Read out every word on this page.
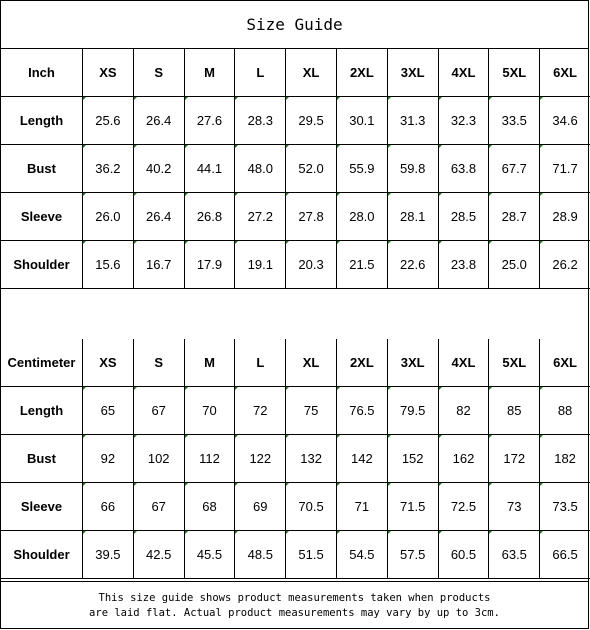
Size Guide
Inch	XS	S	M	L	XL	2XL	3XL	4XL	5XL	6XL
Length	25.6	26.4	27.6	28.3	29.5	30.1	31.3	32.3	33.5	34.6
Bust	36.2	40.2	44.1	48.0	52.0	55.9	59.8	63.8	67.7	71.7
Sleeve	26.0	26.4	26.8	27.2	27.8	28.0	28.1	28.5	28.7	28.9
Shoulder	15.6	16.7	17.9	19.1	20.3	21.5	22.6	23.8	25.0	26.2
Centimeter	XS	S	M	L	XL	2XL	3XL	4XL	5XL	6XL
Length	65	67	70	72	75	76.5	79.5	82	85	88
Bust	92	102	112	122	132	142	152	162	172	182
Sleeve	66	67	68	69	70.5	71	71.5	72.5	73	73.5
Shoulder	39.5	42.5	45.5	48.5	51.5	54.5	57.5	60.5	63.5	66.5
This size guide shows product measurements taken when products
are laid flat. Actual product measurements may vary by up to 3cm.
